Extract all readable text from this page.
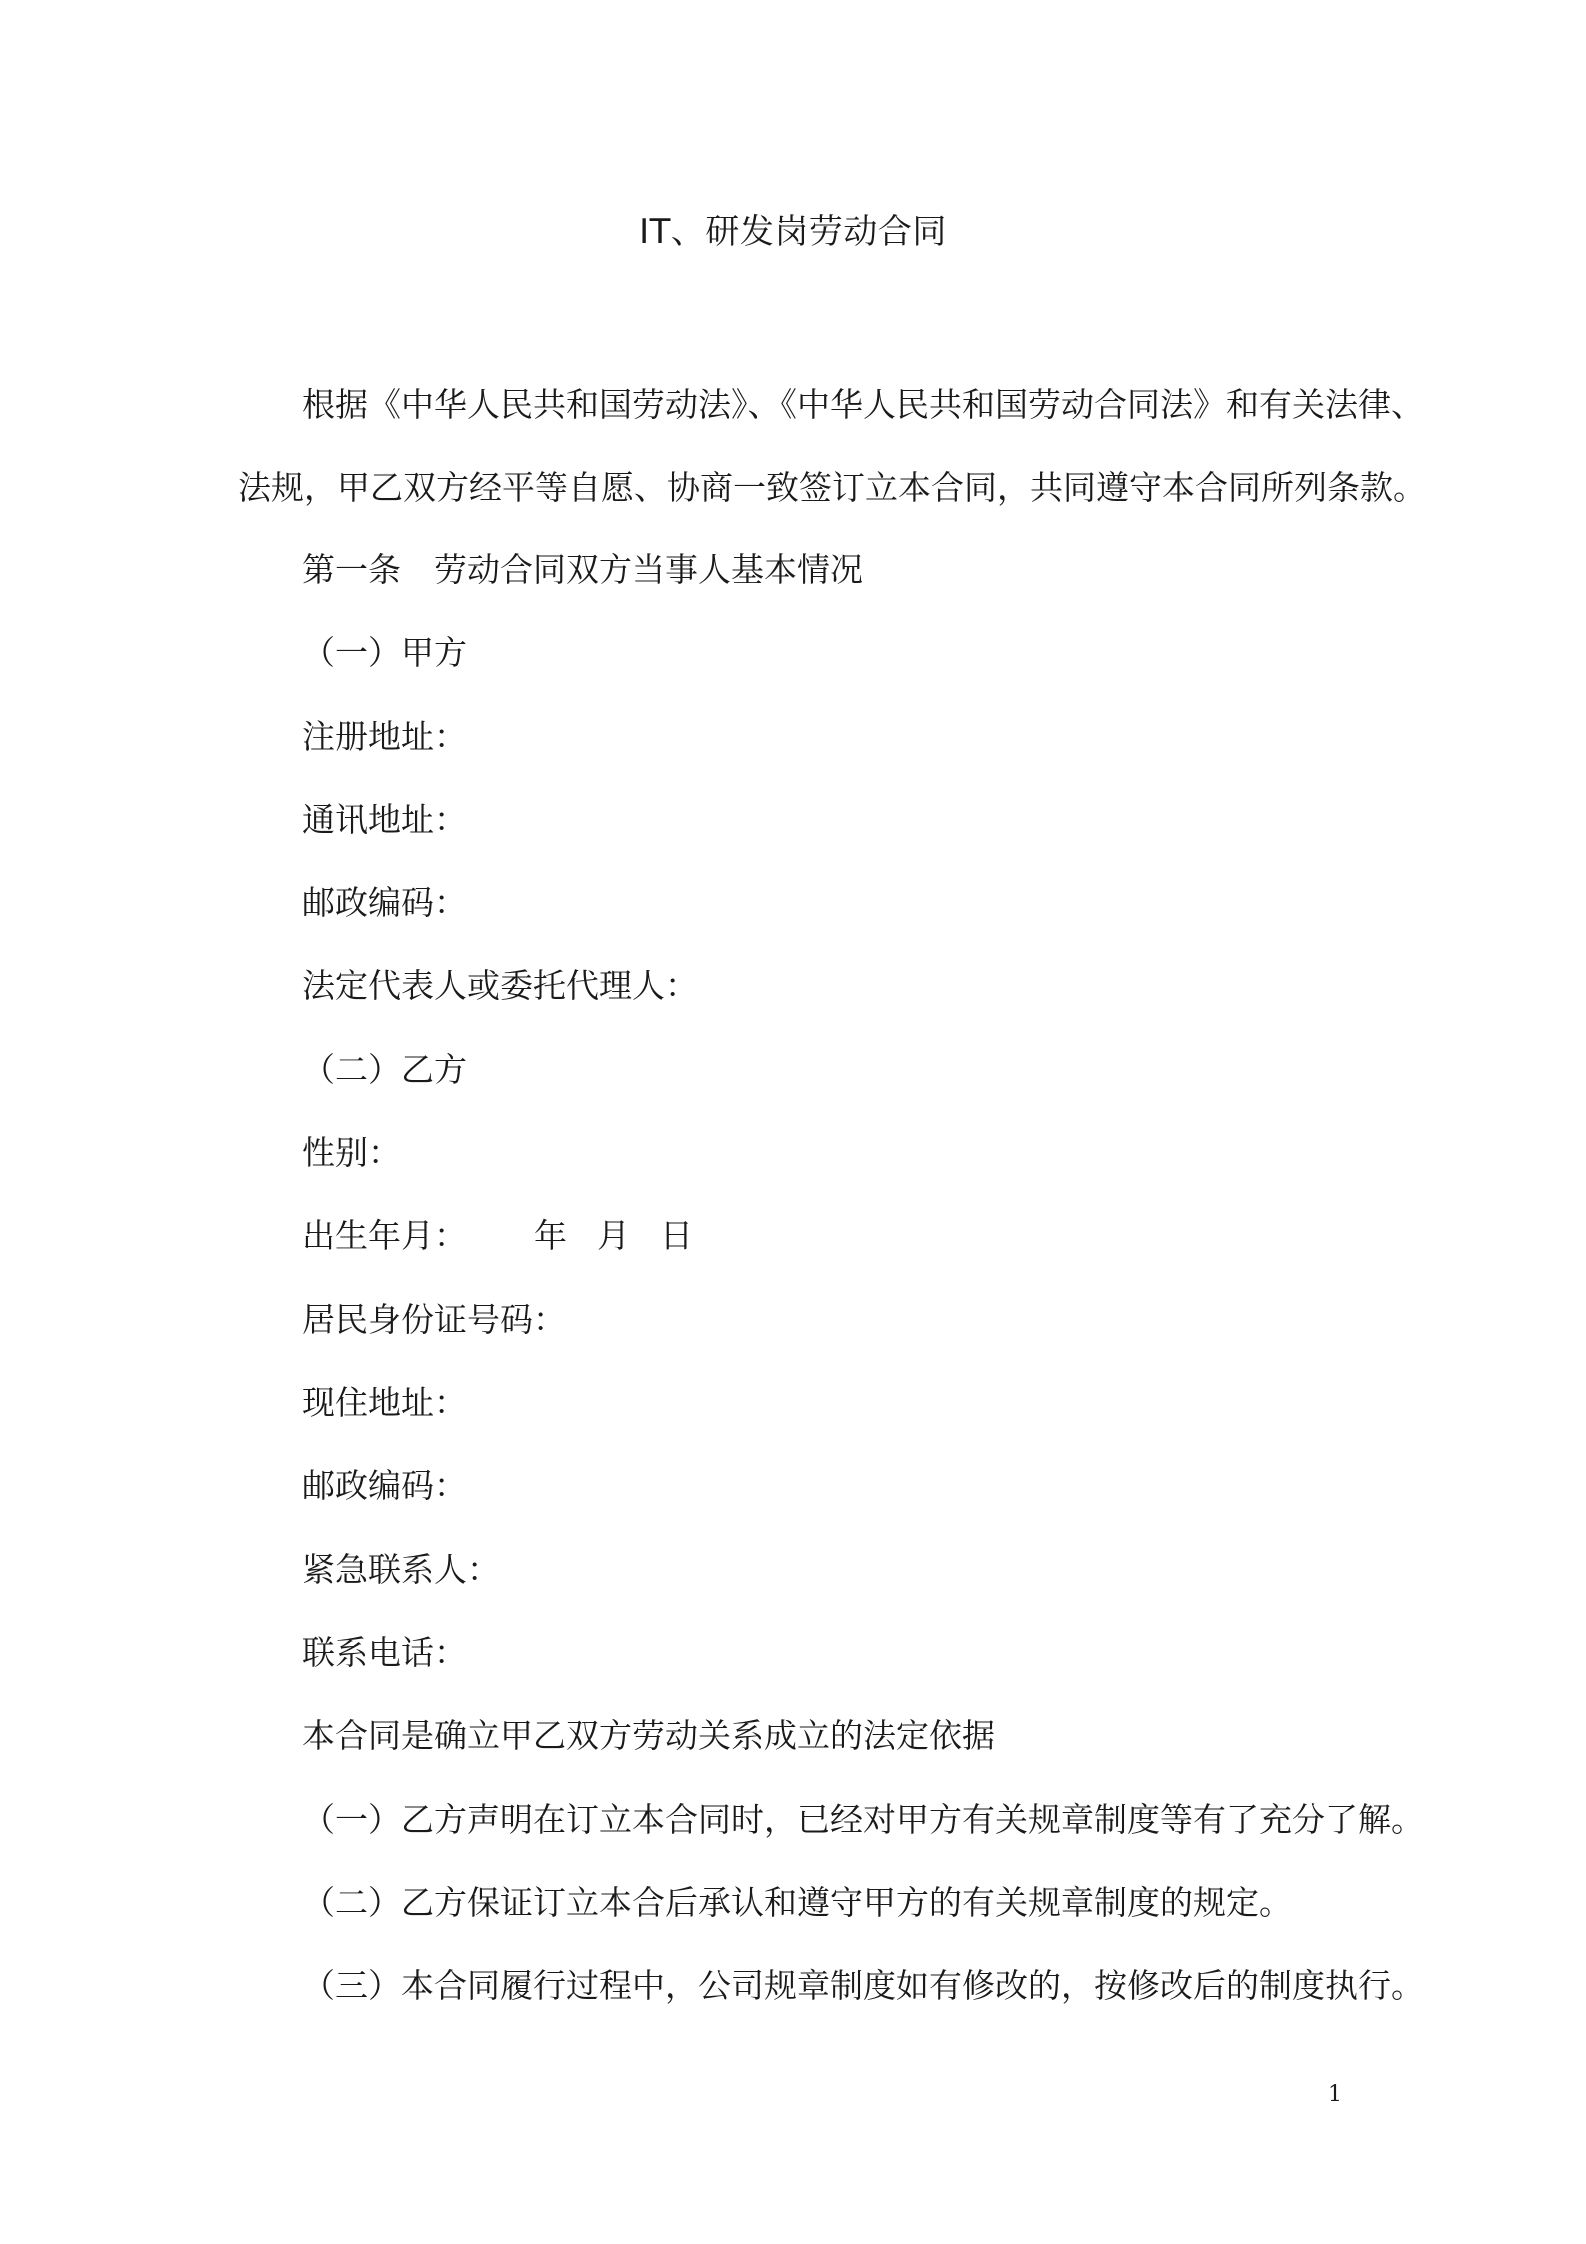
IT、研发岗劳动合同
根据《中华人民共和国劳动法》、《中华人民共和国劳动合同法》和有关法律、
法规，甲乙双方经平等自愿、协商一致签订立本合同，共同遵守本合同所列条款。
第一条　劳动合同双方当事人基本情况
（一）甲方
注册地址：
通讯地址：
邮政编码：
法定代表人或委托代理人：
（二）乙方
性别：
出生年月： 年 月 日
居民身份证号码：
现住地址：
邮政编码：
紧急联系人：
联系电话：
本合同是确立甲乙双方劳动关系成立的法定依据
（一）乙方声明在订立本合同时，已经对甲方有关规章制度等有了充分了解。
（二）乙方保证订立本合后承认和遵守甲方的有关规章制度的规定。
（三）本合同履行过程中，公司规章制度如有修改的，按修改后的制度执行。
1
